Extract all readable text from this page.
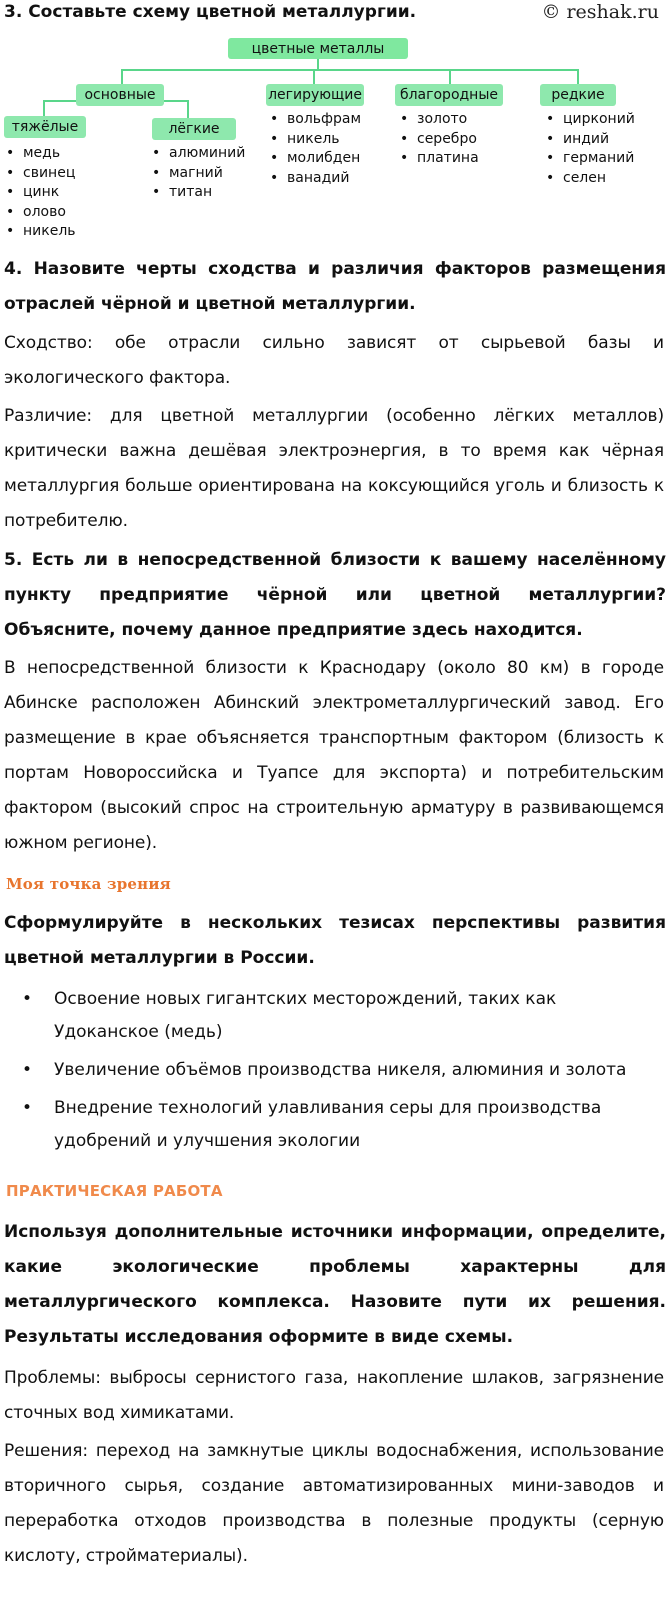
© reshak.ru
3. Составьте схему цветной металлургии.
цветные металлы
основные	легирующие	благородные	редкие
тяжёлые	лёгкие
• медь
• свинец
• цинк
• олово
• никель
• алюминий
• магний
• титан
• вольфрам
• никель
• молибден
• ванадий
• золото
• серебро
• платина
• цирконий
• индий
• германий
• селен
4. Назовите черты сходства и различия факторов размещения отраслей чёрной и цветной металлургии.
Сходство: обе отрасли сильно зависят от сырьевой базы и экологического фактора.
Различие: для цветной металлургии (особенно лёгких металлов) критически важна дешёвая электроэнергия, в то время как чёрная металлургия больше ориентирована на коксующийся уголь и близость к потребителю.
5. Есть ли в непосредственной близости к вашему населённому пункту предприятие чёрной или цветной металлургии? Объясните, почему данное предприятие здесь находится.
В непосредственной близости к Краснодару (около 80 км) в городе Абинске расположен Абинский электрометаллургический завод. Его размещение в крае объясняется транспортным фактором (близость к портам Новороссийска и Туапсе для экспорта) и потребительским фактором (высокий спрос на строительную арматуру в развивающемся южном регионе).
Моя точка зрения
Сформулируйте в нескольких тезисах перспективы развития цветной металлургии в России.
• Освоение новых гигантских месторождений, таких как Удоканское (медь)
• Увеличение объёмов производства никеля, алюминия и золота
• Внедрение технологий улавливания серы для производства удобрений и улучшения экологии
ПРАКТИЧЕСКАЯ РАБОТА
Используя дополнительные источники информации, определите, какие экологические проблемы характерны для металлургического комплекса. Назовите пути их решения. Результаты исследования оформите в виде схемы.
Проблемы: выбросы сернистого газа, накопление шлаков, загрязнение сточных вод химикатами.
Решения: переход на замкнутые циклы водоснабжения, использование вторичного сырья, создание автоматизированных мини-заводов и переработка отходов производства в полезные продукты (серную кислоту, стройматериалы).
